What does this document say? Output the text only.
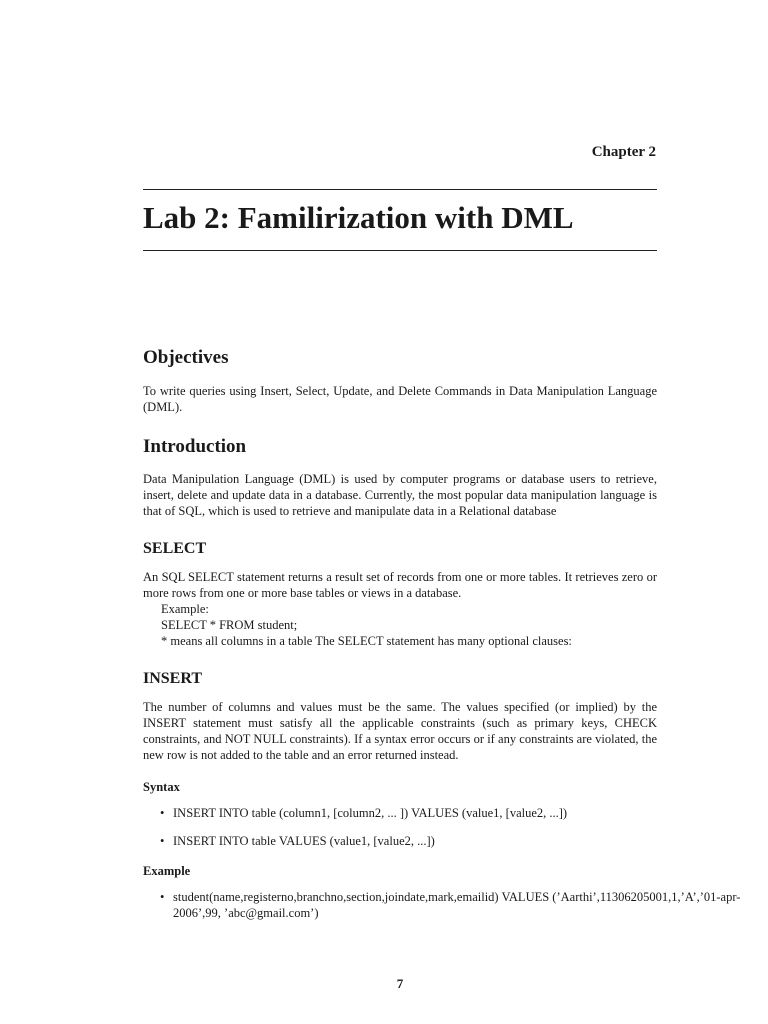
Chapter 2
Lab 2: Familirization with DML
Objectives

To write queries using Insert, Select, Update, and Delete Commands in Data Manipulation Language (DML).

Introduction

Data Manipulation Language (DML) is used by computer programs or database users to retrieve, insert, delete and update data in a database. Currently, the most popular data manipulation language is that of SQL, which is used to retrieve and manipulate data in a Relational database

SELECT

An SQL SELECT statement returns a result set of records from one or more tables. It retrieves zero or more rows from one or more base tables or views in a database.

Example:

SELECT * FROM student;

* means all columns in a table The SELECT statement has many optional clauses:

INSERT

The number of columns and values must be the same. The values specified (or implied) by the INSERT statement must satisfy all the applicable constraints (such as primary keys, CHECK constraints, and NOT NULL constraints). If a syntax error occurs or if any constraints are violated, the new row is not added to the table and an error returned instead.

Syntax
• INSERT INTO table (column1, [column2, ... ]) VALUES (value1, [value2, ...])
• INSERT INTO table VALUES (value1, [value2, ...])
Example
• student(name,registerno,branchno,section,joindate,mark,emailid) VALUES (’Aarthi’,11306205001,1,’A’,’01-apr-2006’,99, ’abc@gmail.com’)
7
